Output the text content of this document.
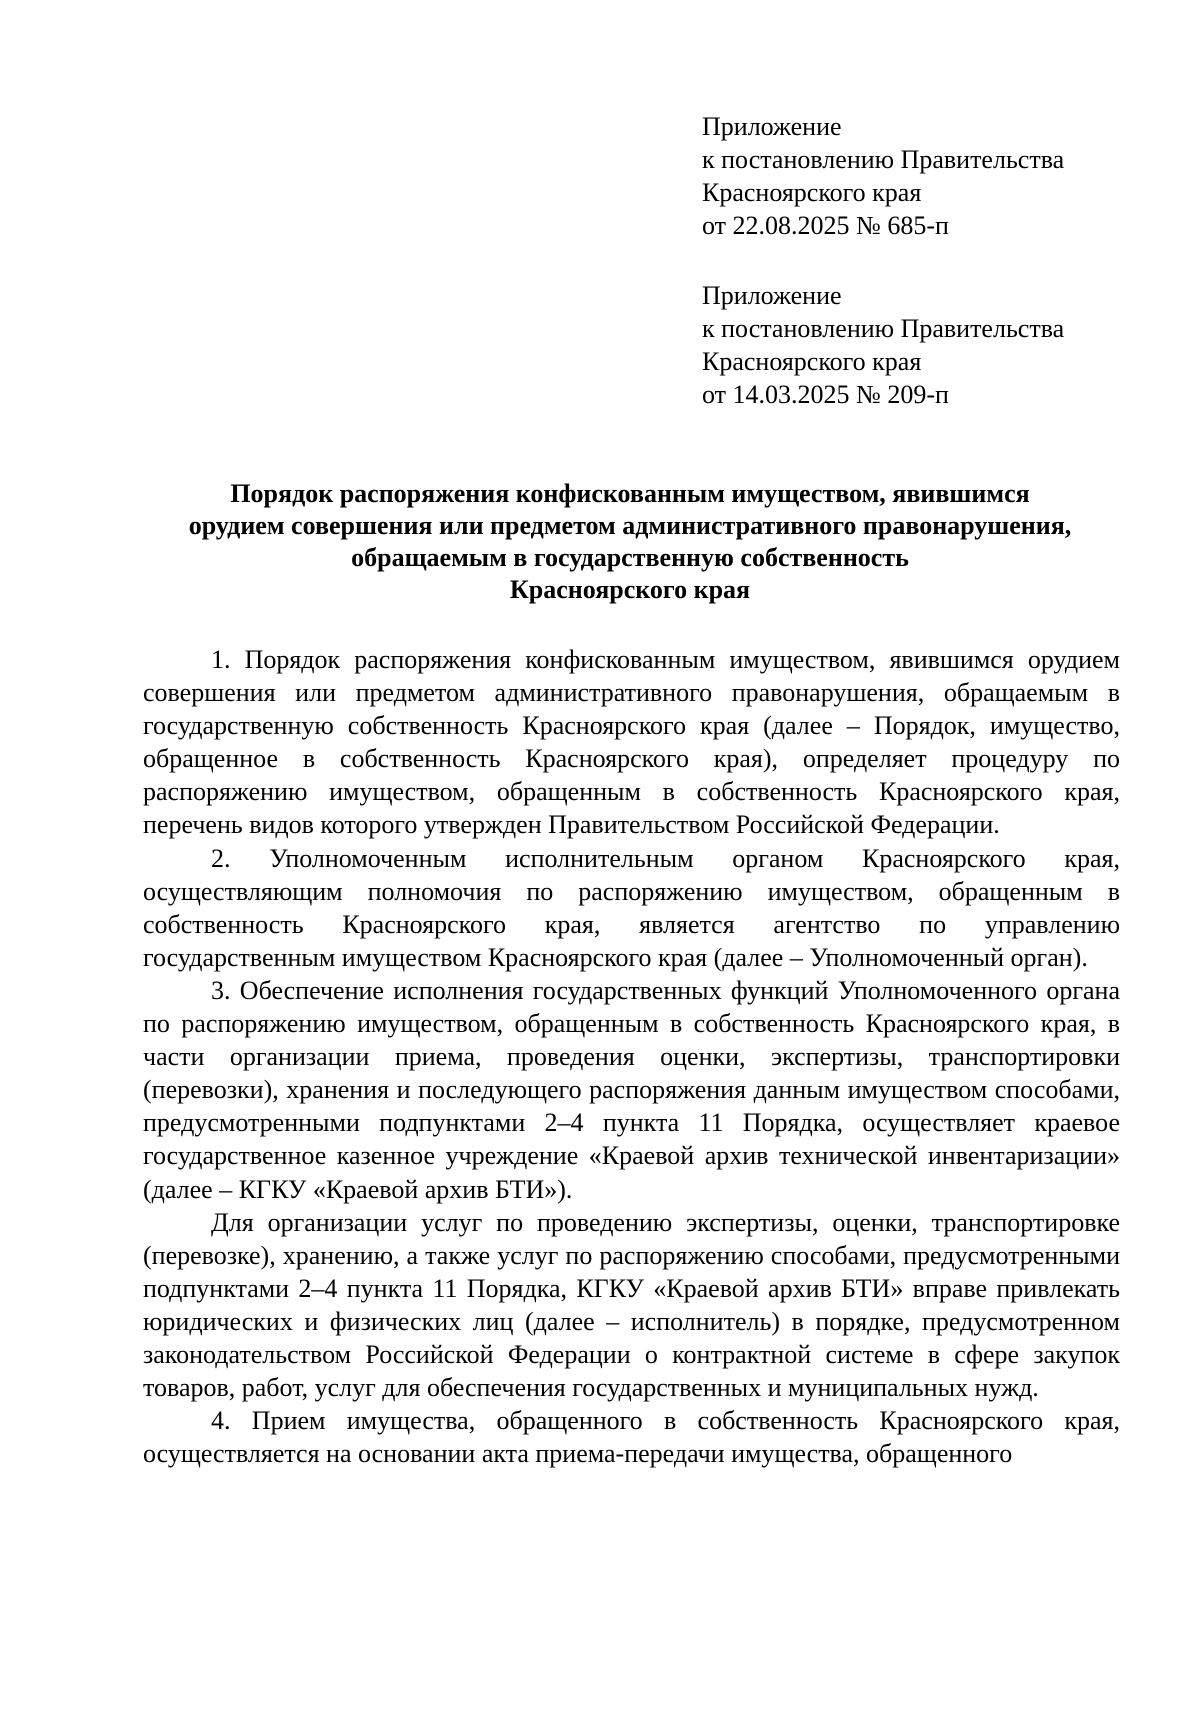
Приложение
к постановлению Правительства
Красноярского края
от 22.08.2025 № 685-п
Приложение
к постановлению Правительства
Красноярского края
от 14.03.2025 № 209-п
Порядок распоряжения конфискованным имуществом, явившимся
орудием совершения или предметом административного правонарушения,
обращаемым в государственную собственность
Красноярского края

1. Порядок распоряжения конфискованным имуществом, явившимся орудием совершения или предметом административного правонарушения, обращаемым в государственную собственность Красноярского края (далее – Порядок, имущество, обращенное в собственность Красноярского края), определяет процедуру по распоряжению имуществом, обращенным в собственность Красноярского края, перечень видов которого утвержден Правительством Российской Федерации.

2. Уполномоченным исполнительным органом Красноярского края, осуществляющим полномочия по распоряжению имуществом, обращенным в собственность Красноярского края, является агентство по управлению государственным имуществом Красноярского края (далее – Уполномоченный орган).

3. Обеспечение исполнения государственных функций Уполномоченного органа по распоряжению имуществом, обращенным в собственность Красноярского края, в части организации приема, проведения оценки, экспертизы, транспортировки (перевозки), хранения и последующего распоряжения данным имуществом способами, предусмотренными подпунктами 2–4 пункта 11 Порядка, осуществляет краевое государственное казенное учреждение «Краевой архив технической инвентаризации» (далее – КГКУ «Краевой архив БТИ»).

Для организации услуг по проведению экспертизы, оценки, транспортировке (перевозке), хранению, а также услуг по распоряжению способами, предусмотренными подпунктами 2–4 пункта 11 Порядка, КГКУ «Краевой архив БТИ» вправе привлекать юридических и физических лиц (далее – исполнитель) в порядке, предусмотренном законодательством Российской Федерации о контрактной системе в сфере закупок товаров, работ, услуг для обеспечения государственных и муниципальных нужд.

4. Прием имущества, обращенного в собственность Красноярского края, осуществляется на основании акта приема-передачи имущества, обращенного
